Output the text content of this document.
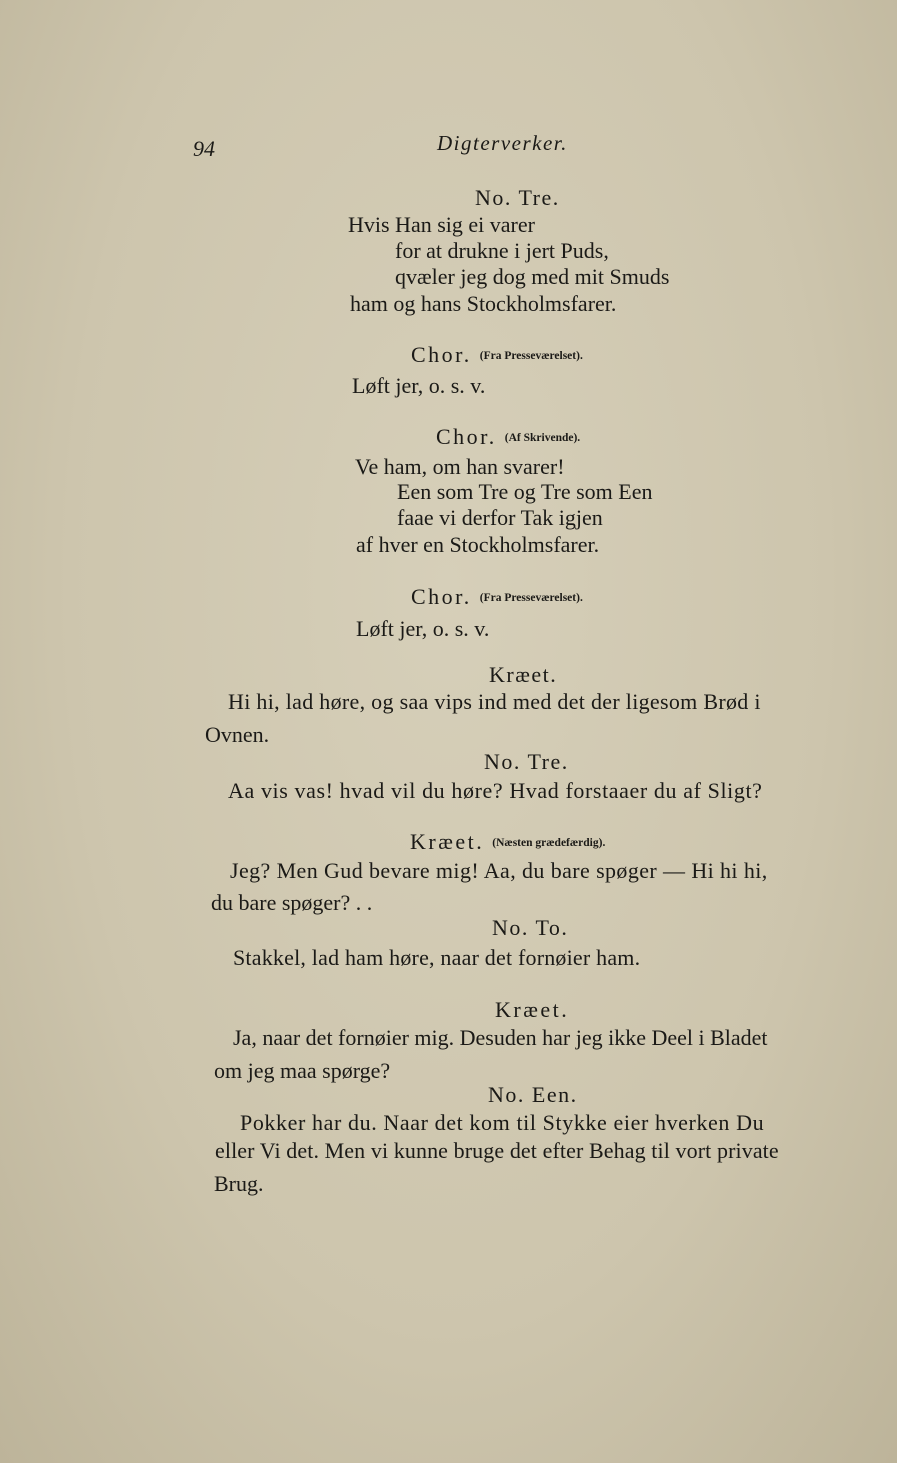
94	Digterverker.
No. Tre.
Hvis Han sig ei varer
for at drukne i jert Puds,
qvæler jeg dog med mit Smuds
ham og hans Stockholmsfarer.
Chor. (Fra Presseværelset).
Løft jer, o. s. v.
Chor. (Af Skrivende).
Ve ham, om han svarer!
Een som Tre og Tre som Een
faae vi derfor Tak igjen
af hver en Stockholmsfarer.
Chor. (Fra Presseværelset).
Løft jer, o. s. v.
Kræet.
Hi hi, lad høre, og saa vips ind med det der ligesom Brød i
Ovnen.
No. Tre.
Aa vis vas! hvad vil du høre? Hvad forstaaer du af Sligt?
Kræet. (Næsten grædefærdig).
Jeg? Men Gud bevare mig! Aa, du bare spøger — Hi hi hi,
du bare spøger? . .
No. To.
Stakkel, lad ham høre, naar det fornøier ham.
Kræet.
Ja, naar det fornøier mig. Desuden har jeg ikke Deel i Bladet
om jeg maa spørge?
No. Een.
Pokker har du. Naar det kom til Stykke eier hverken Du
eller Vi det. Men vi kunne bruge det efter Behag til vort private
Brug.
